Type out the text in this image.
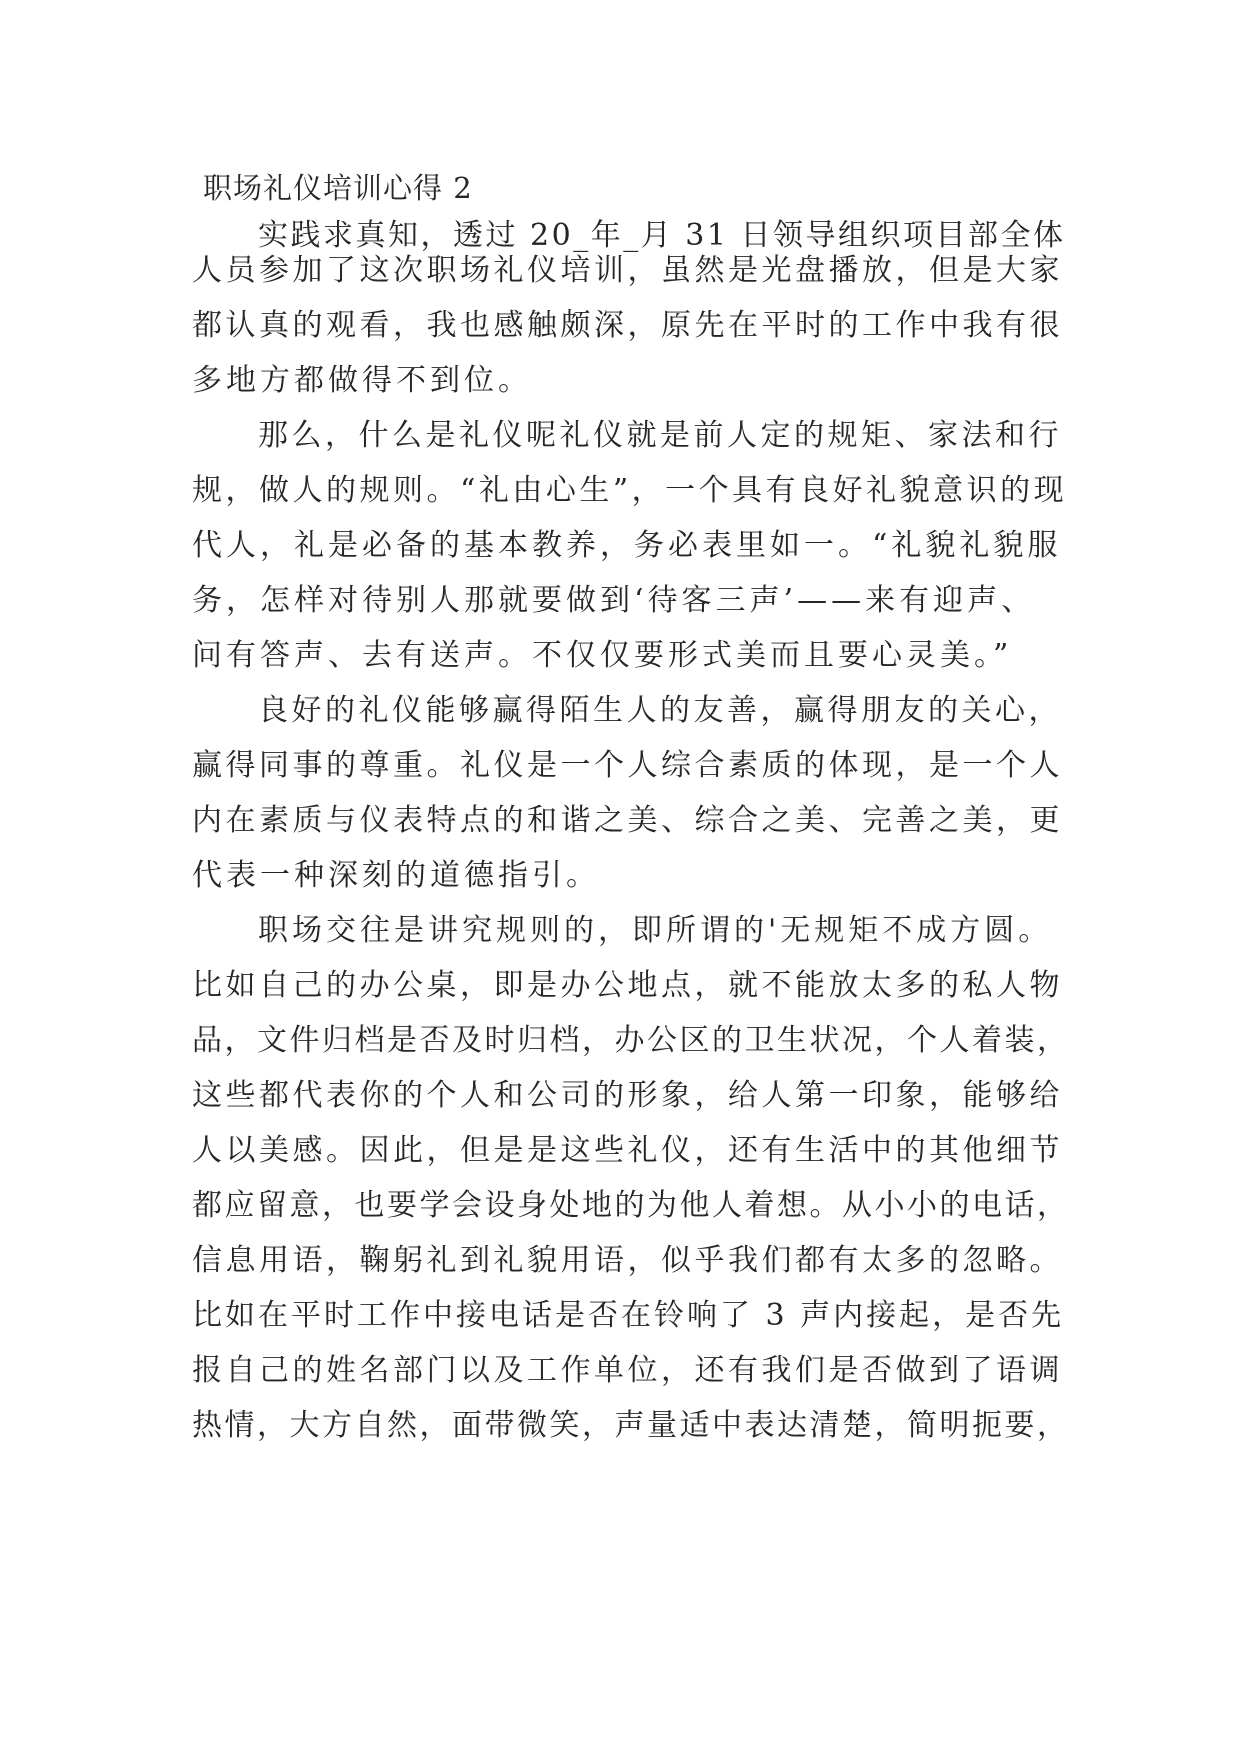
职场礼仪培训心得 2
实践求真知，透过 20_年_月 31 日领导组织项目部全体
人员参加了这次职场礼仪培训，虽然是光盘播放，但是大家
都认真的观看，我也感触颇深，原先在平时的工作中我有很
多地方都做得不到位。
那么，什么是礼仪呢礼仪就是前人定的规矩、家法和行
规，做人的规则。“礼由心生”，一个具有良好礼貌意识的现
代人，礼是必备的基本教养，务必表里如一。“礼貌礼貌服
务，怎样对待别人那就要做到‘待客三声’——来有迎声、
问有答声、去有送声。不仅仅要形式美而且要心灵美。”
良好的礼仪能够赢得陌生人的友善，赢得朋友的关心，
赢得同事的尊重。礼仪是一个人综合素质的体现，是一个人
内在素质与仪表特点的和谐之美、综合之美、完善之美，更
代表一种深刻的道德指引。
职场交往是讲究规则的，即所谓的'无规矩不成方圆。
比如自己的办公桌，即是办公地点，就不能放太多的私人物
品，文件归档是否及时归档，办公区的卫生状况，个人着装，
这些都代表你的个人和公司的形象，给人第一印象，能够给
人以美感。因此，但是是这些礼仪，还有生活中的其他细节
都应留意，也要学会设身处地的为他人着想。从小小的电话，
信息用语，鞠躬礼到礼貌用语，似乎我们都有太多的忽略。
比如在平时工作中接电话是否在铃响了 3 声内接起，是否先
报自己的姓名部门以及工作单位，还有我们是否做到了语调
热情，大方自然，面带微笑，声量适中表达清楚，简明扼要，
